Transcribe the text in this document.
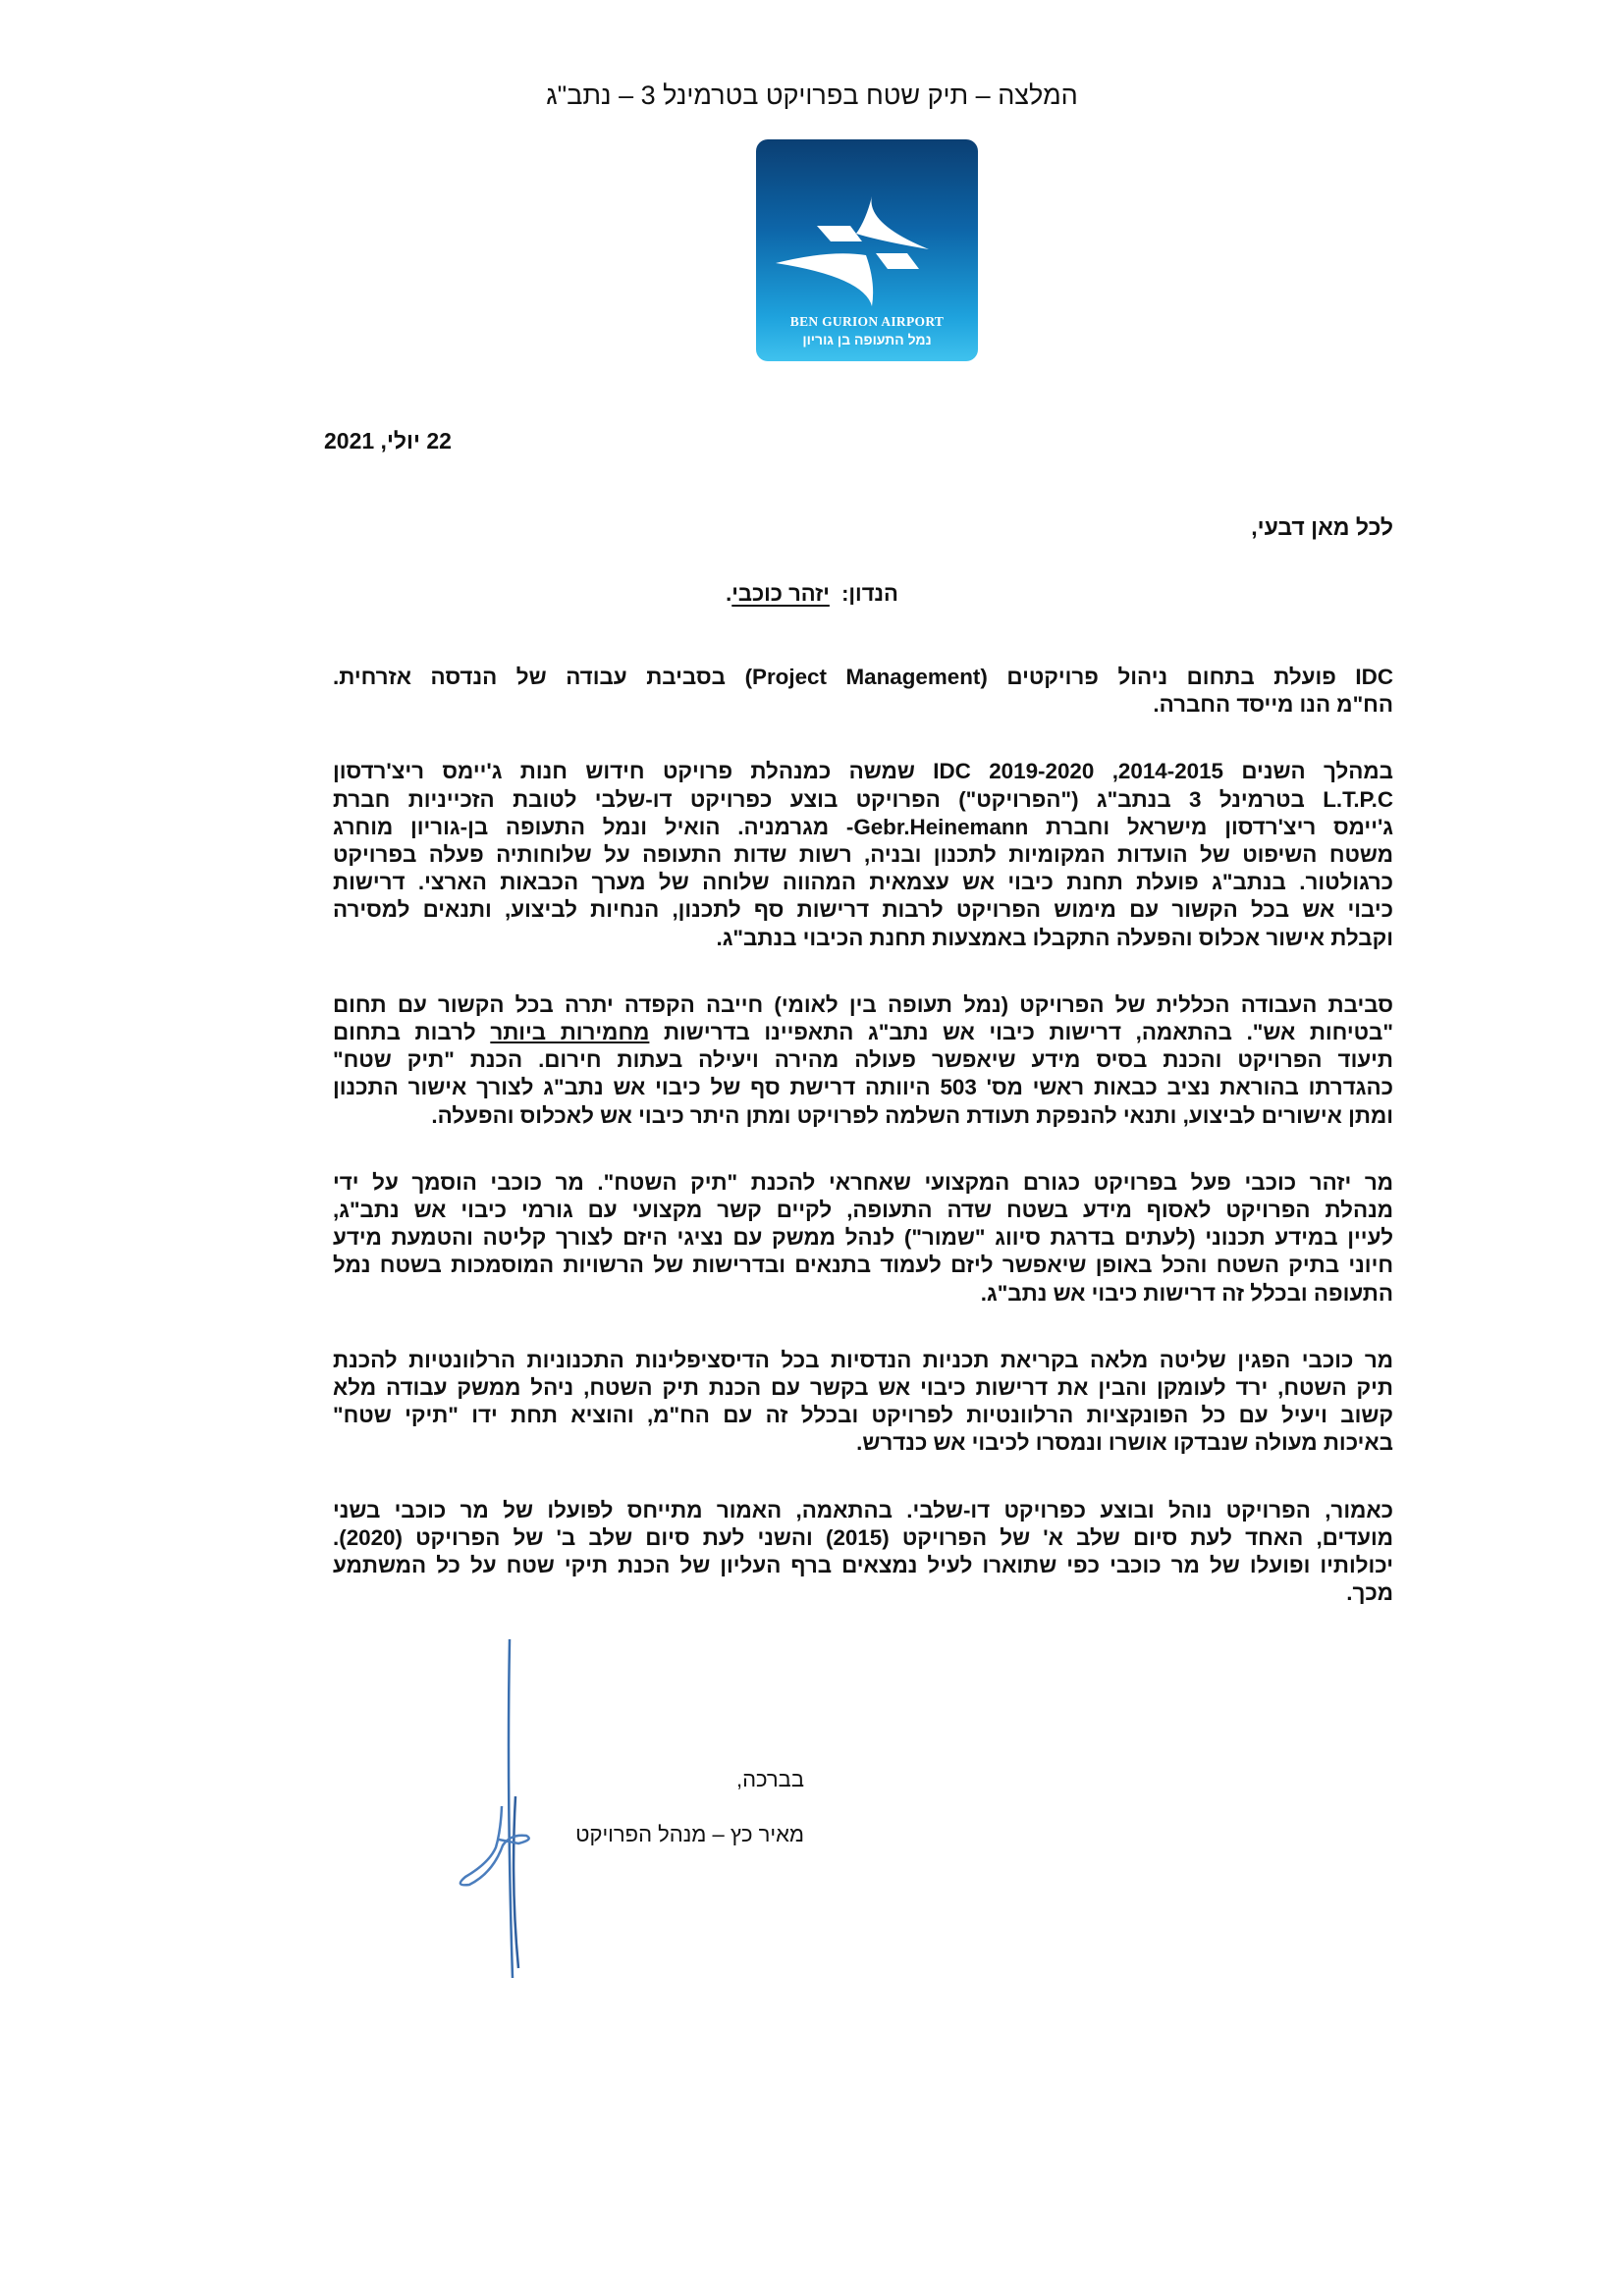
המלצה – תיק שטח בפרויקט בטרמינל 3 – נתב"ג
BEN GURION AIRPORT
נמל התעופה בן גוריון
22 יולי, 2021
לכל מאן דבעי,
הנדון:  יזהר כוכבי.
IDC פועלת בתחום ניהול פרויקטים (Project Management) בסביבת עבודה של הנדסה אזרחית.
הח"מ הנו מייסד החברה.
במהלך השנים 2014-2015, 2019-2020 IDC שמשה כמנהלת פרויקט חידוש חנות ג'יימס ריצ'רדסון
L.T.P.C בטרמינל 3 בנתב"ג ("הפרויקט") הפרויקט בוצע כפרויקט דו-שלבי לטובת הזכייניות חברת
ג'יימס ריצ'רדסון מישראל וחברת Gebr.Heinemann- מגרמניה. הואיל ונמל התעופה בן-גוריון מוחרג
משטח השיפוט של הועדות המקומיות לתכנון ובניה, רשות שדות התעופה על שלוחותיה פעלה בפרויקט
כרגולטור. בנתב"ג פועלת תחנת כיבוי אש עצמאית המהווה שלוחה של מערך הכבאות הארצי. דרישות
כיבוי אש בכל הקשור עם מימוש הפרויקט לרבות דרישות סף לתכנון, הנחיות לביצוע, ותנאים למסירה
וקבלת אישור אכלוס והפעלה התקבלו באמצעות תחנת הכיבוי בנתב"ג.
סביבת העבודה הכללית של הפרויקט (נמל תעופה בין לאומי) חייבה הקפדה יתרה בכל הקשור עם תחום
"בטיחות אש". בהתאמה, דרישות כיבוי אש נתב"ג התאפיינו בדרישות מחמירות ביותר לרבות בתחום
תיעוד הפרויקט והכנת בסיס מידע שיאפשר פעולה מהירה ויעילה בעתות חירום. הכנת "תיק שטח"
כהגדרתו בהוראת נציב כבאות ראשי מס' 503 היוותה דרישת סף של כיבוי אש נתב"ג לצורך אישור התכנון
ומתן אישורים לביצוע, ותנאי להנפקת תעודת השלמה לפרויקט ומתן היתר כיבוי אש לאכלוס והפעלה.
מר יזהר כוכבי פעל בפרויקט כגורם המקצועי שאחראי להכנת "תיק השטח". מר כוכבי הוסמך על ידי
מנהלת הפרויקט לאסוף מידע בשטח שדה התעופה, לקיים קשר מקצועי עם גורמי כיבוי אש נתב"ג,
לעיין במידע תכנוני (לעתים בדרגת סיווג "שמור") לנהל ממשק עם נציגי היזם לצורך קליטה והטמעת מידע
חיוני בתיק השטח והכל באופן שיאפשר ליזם לעמוד בתנאים ובדרישות של הרשויות המוסמכות בשטח נמל
התעופה ובכלל זה דרישות כיבוי אש נתב"ג.
מר כוכבי הפגין שליטה מלאה בקריאת תכניות הנדסיות בכל הדיסציפלינות התכנוניות הרלוונטיות להכנת
תיק השטח, ירד לעומקן והבין את דרישות כיבוי אש בקשר עם הכנת תיק השטח, ניהל ממשק עבודה מלא
קשוב ויעיל עם כל הפונקציות הרלוונטיות לפרויקט ובכלל זה עם הח"מ, והוציא תחת ידו "תיקי שטח"
באיכות מעולה שנבדקו אושרו ונמסרו לכיבוי אש כנדרש.
כאמור, הפרויקט נוהל ובוצע כפרויקט דו-שלבי. בהתאמה, האמור מתייחס לפועלו של מר כוכבי בשני
מועדים, האחד לעת סיום שלב א' של הפרויקט (2015) והשני לעת סיום שלב ב' של הפרויקט (2020).
יכולותיו ופועלו של מר כוכבי כפי שתוארו לעיל נמצאים ברף העליון של הכנת תיקי שטח על כל המשתמע
מכך.
בברכה,
מאיר כץ – מנהל הפרויקט
